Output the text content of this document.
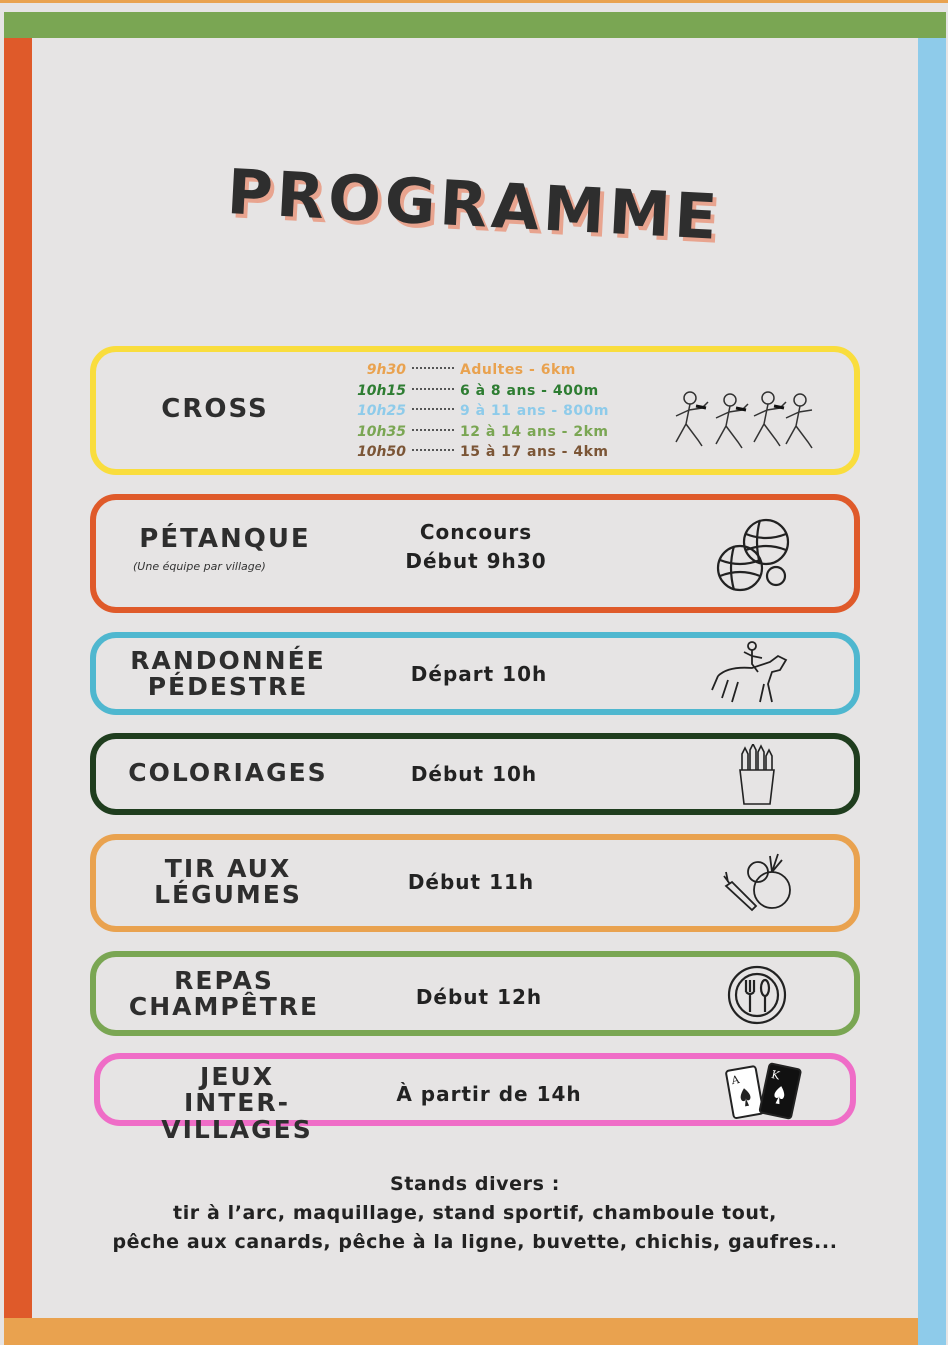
PROGRAMME
CROSS
9h30	Adultes - 6km
10h15	6 à 8 ans - 400m
10h25	9 à 11 ans - 800m
10h35	12 à 14 ans - 2km
10h50	15 à 17 ans - 4km
PÉTANQUE
(Une équipe par village)
Concours
Début 9h30
RANDONNÉE
PÉDESTRE	Départ 10h
COLORIAGES	Début 10h
TIR AUX
LÉGUMES	Début 11h
REPAS
CHAMPÊTRE	Début 12h
JEUX
INTER-VILLAGES
À partir de 14h
A	K
Stands divers :
tir à l’arc, maquillage, stand sportif, chamboule tout,
pêche aux canards, pêche à la ligne, buvette, chichis, gaufres...
